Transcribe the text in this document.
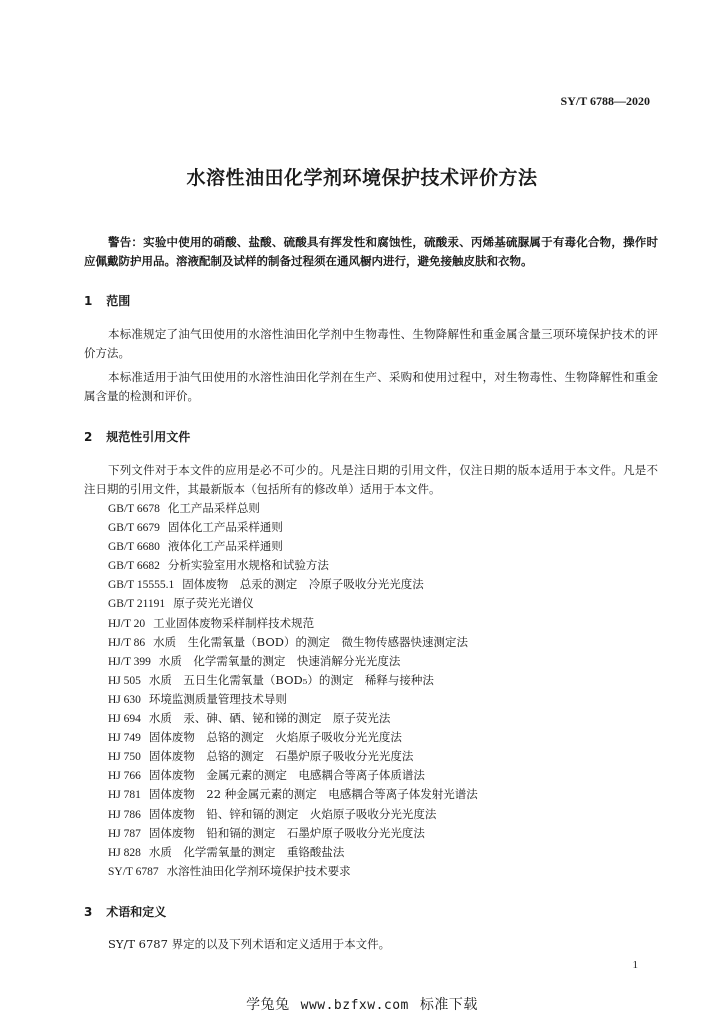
SY/T 6788—2020
水溶性油田化学剂环境保护技术评价方法
警告：实验中使用的硝酸、盐酸、硫酸具有挥发性和腐蚀性，硫酸汞、丙烯基硫脲属于有毒化合物，操作时应佩戴防护用品。溶液配制及试样的制备过程须在通风橱内进行，避免接触皮肤和衣物。
1 范围
本标准规定了油气田使用的水溶性油田化学剂中生物毒性、生物降解性和重金属含量三项环境保护技术的评价方法。
本标准适用于油气田使用的水溶性油田化学剂在生产、采购和使用过程中，对生物毒性、生物降解性和重金属含量的检测和评价。
2 规范性引用文件
下列文件对于本文件的应用是必不可少的。凡是注日期的引用文件，仅注日期的版本适用于本文件。凡是不注日期的引用文件，其最新版本（包括所有的修改单）适用于本文件。
GB/T 6678 化工产品采样总则
GB/T 6679 固体化工产品采样通则
GB/T 6680 液体化工产品采样通则
GB/T 6682 分析实验室用水规格和试验方法
GB/T 15555.1 固体废物　总汞的测定　冷原子吸收分光光度法
GB/T 21191 原子荧光光谱仪
HJ/T 20 工业固体废物采样制样技术规范
HJ/T 86 水质　生化需氧量（BOD）的测定　微生物传感器快速测定法
HJ/T 399 水质　化学需氧量的测定　快速消解分光光度法
HJ 505 水质　五日生化需氧量（BOD₅）的测定　稀释与接种法
HJ 630 环境监测质量管理技术导则
HJ 694 水质　汞、砷、硒、铋和锑的测定　原子荧光法
HJ 749 固体废物　总铬的测定　火焰原子吸收分光光度法
HJ 750 固体废物　总铬的测定　石墨炉原子吸收分光光度法
HJ 766 固体废物　金属元素的测定　电感耦合等离子体质谱法
HJ 781 固体废物　22 种金属元素的测定　电感耦合等离子体发射光谱法
HJ 786 固体废物　铅、锌和镉的测定　火焰原子吸收分光光度法
HJ 787 固体废物　铅和镉的测定　石墨炉原子吸收分光光度法
HJ 828 水质　化学需氧量的测定　重铬酸盐法
SY/T 6787 水溶性油田化学剂环境保护技术要求
3 术语和定义
SY/T 6787 界定的以及下列术语和定义适用于本文件。
1
学兔兔 www.bzfxw.com 标准下载
